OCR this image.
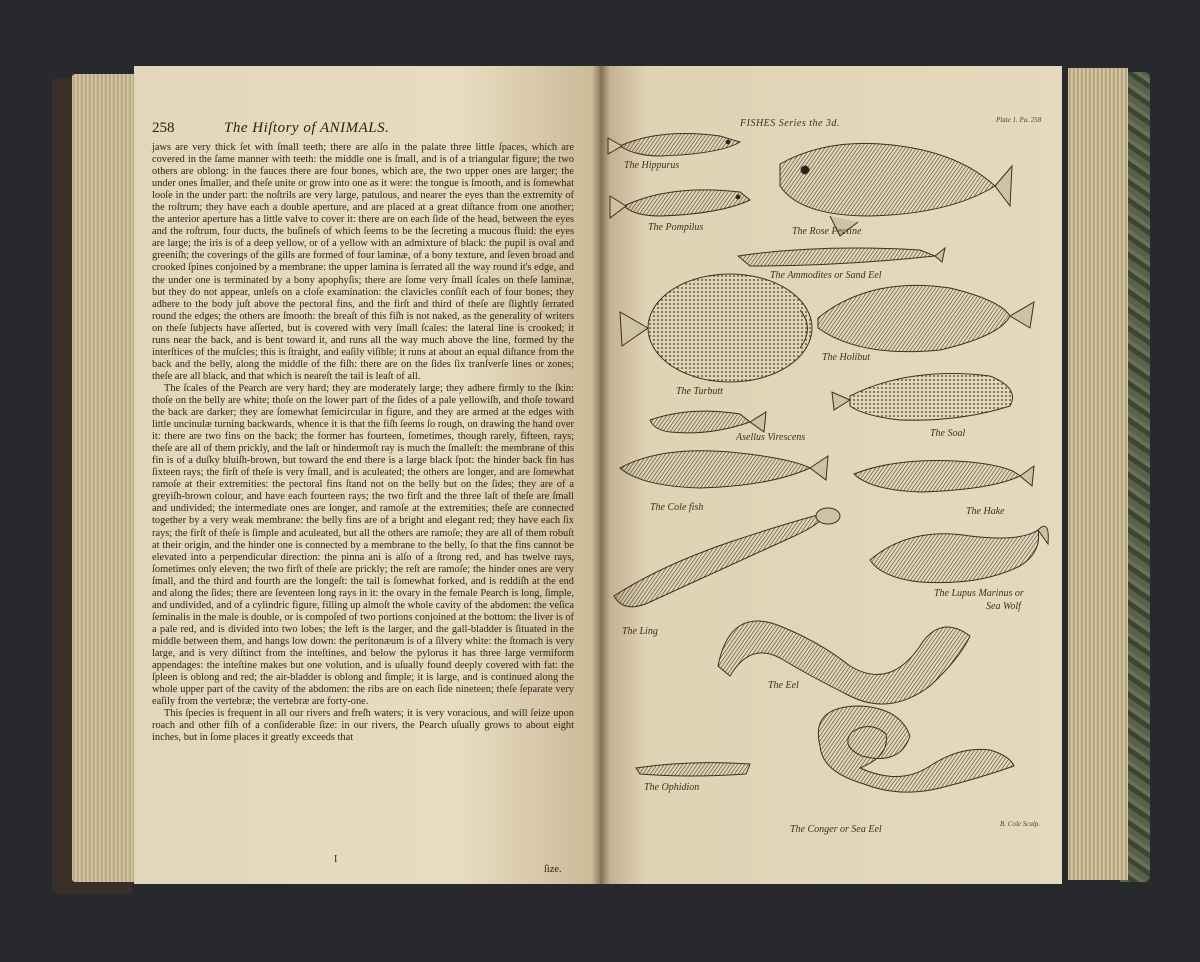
258	The Hiſtory of ANIMALS.

jaws are very thick ſet with ſmall teeth; there are alſo in the palate three little ſpaces, which are covered in the ſame manner with teeth: the middle one is ſmall, and is of a triangular figure; the two others are oblong: in the fauces there are four bones, which are, the two upper ones are larger; the under ones ſmaller, and theſe unite or grow into one as it were: the tongue is ſmooth, and is ſomewhat looſe in the under part: the noſtrils are very large, patulous, and nearer the eyes than the extremity of the roſtrum; they have each a double aperture, and are placed at a great diſtance from one another; the anterior aperture has a little valve to cover it: there are on each ſide of the head, between the eyes and the roſtrum, four ducts, the buſineſs of which ſeems to be the ſecreting a mucous fluid: the eyes are large; the iris is of a deep yellow, or of a yellow with an admixture of black: the pupil is oval and greeniſh; the coverings of the gills are formed of four laminæ, of a bony texture, and ſeven broad and crooked ſpines conjoined by a membrane: the upper lamina is ſerrated all the way round it's edge, and the under one is terminated by a bony apophyſis; there are ſome very ſmall ſcales on theſe laminæ, but they do not appear, unleſs on a cloſe examination: the clavicles conſiſt each of four bones; they adhere to the body juſt above the pectoral fins, and the firſt and third of theſe are ſlightly ſerrated round the edges; the others are ſmooth: the breaſt of this fiſh is not naked, as the generality of writers on theſe ſubjects have aſſerted, but is covered with very ſmall ſcales: the lateral line is crooked; it runs near the back, and is bent toward it, and runs all the way much above the line, formed by the interſtices of the muſcles; this is ſtraight, and eaſily viſible; it runs at about an equal diſtance from the back and the belly, along the middle of the fiſh: there are on the ſides ſix tranſverſe lines or zones; theſe are all black, and that which is neareſt the tail is leaſt of all.

The ſcales of the Pearch are very hard; they are moderately large; they adhere firmly to the ſkin: thoſe on the belly are white; thoſe on the lower part of the ſides of a pale yellowiſh, and thoſe toward the back are darker; they are ſomewhat ſemicircular in figure, and they are armed at the edges with little uncinulæ turning backwards, whence it is that the fiſh ſeems ſo rough, on drawing the hand over it: there are two fins on the back; the former has fourteen, ſometimes, though rarely, fifteen, rays; theſe are all of them prickly, and the laſt or hindermoſt ray is much the ſmalleſt: the membrane of this fin is of a duſky bluiſh-brown, but toward the end there is a large black ſpot: the hinder back fin has ſixteen rays; the firſt of theſe is very ſmall, and is aculeated; the others are longer, and are ſomewhat ramoſe at their extremities: the pectoral fins ſtand not on the belly but on the ſides; they are of a greyiſh-brown colour, and have each fourteen rays; the two firſt and the three laſt of theſe are ſmall and undivided; the intermediate ones are longer, and ramoſe at the extremities; theſe are connected together by a very weak membrane: the belly fins are of a bright and elegant red; they have each ſix rays; the firſt of theſe is ſimple and aculeated, but all the others are ramoſe; they are all of them robuſt at their origin, and the hinder one is connected by a membrane to the belly, ſo that the fins cannot be elevated into a perpendicular direction: the pinna ani is alſo of a ſtrong red, and has twelve rays, ſometimes only eleven; the two firſt of theſe are prickly; the reſt are ramoſe; the hinder ones are very ſmall, and the third and fourth are the longeſt: the tail is ſomewhat forked, and is reddiſh at the end and along the ſides; there are ſeventeen long rays in it: the ovary in the female Pearch is long, ſimple, and undivided, and of a cylindric figure, filling up almoſt the whole cavity of the abdomen: the veſica ſeminalis in the male is double, or is compoſed of two portions conjoined at the bottom: the liver is of a pale red, and is divided into two lobes; the left is the larger, and the gall-bladder is ſituated in the middle between them, and hangs low down: the peritonæum is of a ſilvery white: the ſtomach is very large, and is very diſtinct from the inteſtines, and below the pylorus it has three large vermiform appendages: the inteſtine makes but one volution, and is uſually found deeply covered with fat: the ſpleen is oblong and red; the air-bladder is oblong and ſimple; it is large, and is continued along the whole upper part of the cavity of the abdomen: the ribs are on each ſide nineteen; theſe ſeparate very eaſily from the vertebræ; the vertebræ are forty-one.

This ſpecies is frequent in all our rivers and freſh waters; it is very voracious, and will ſeize upon roach and other fiſh of a conſiderable ſize: in our rivers, the Pearch uſually grows to about eight inches, but in ſome places it greatly exceeds that

I
ſize.
FISHES Series the 3d.	Plate 1. Pa. 258
The Hippurus
The Pompilus	The Rose Pectine
The Ammodites or Sand Eel
The Holibut
The Turbutt
Asellus Virescens	The Soal
The Cole fish	The Hake
The Lupus Marinus or
Sea Wolf
The Ling
The Eel
The Ophidion
The Conger or Sea Eel	B. Cole Sculp.
